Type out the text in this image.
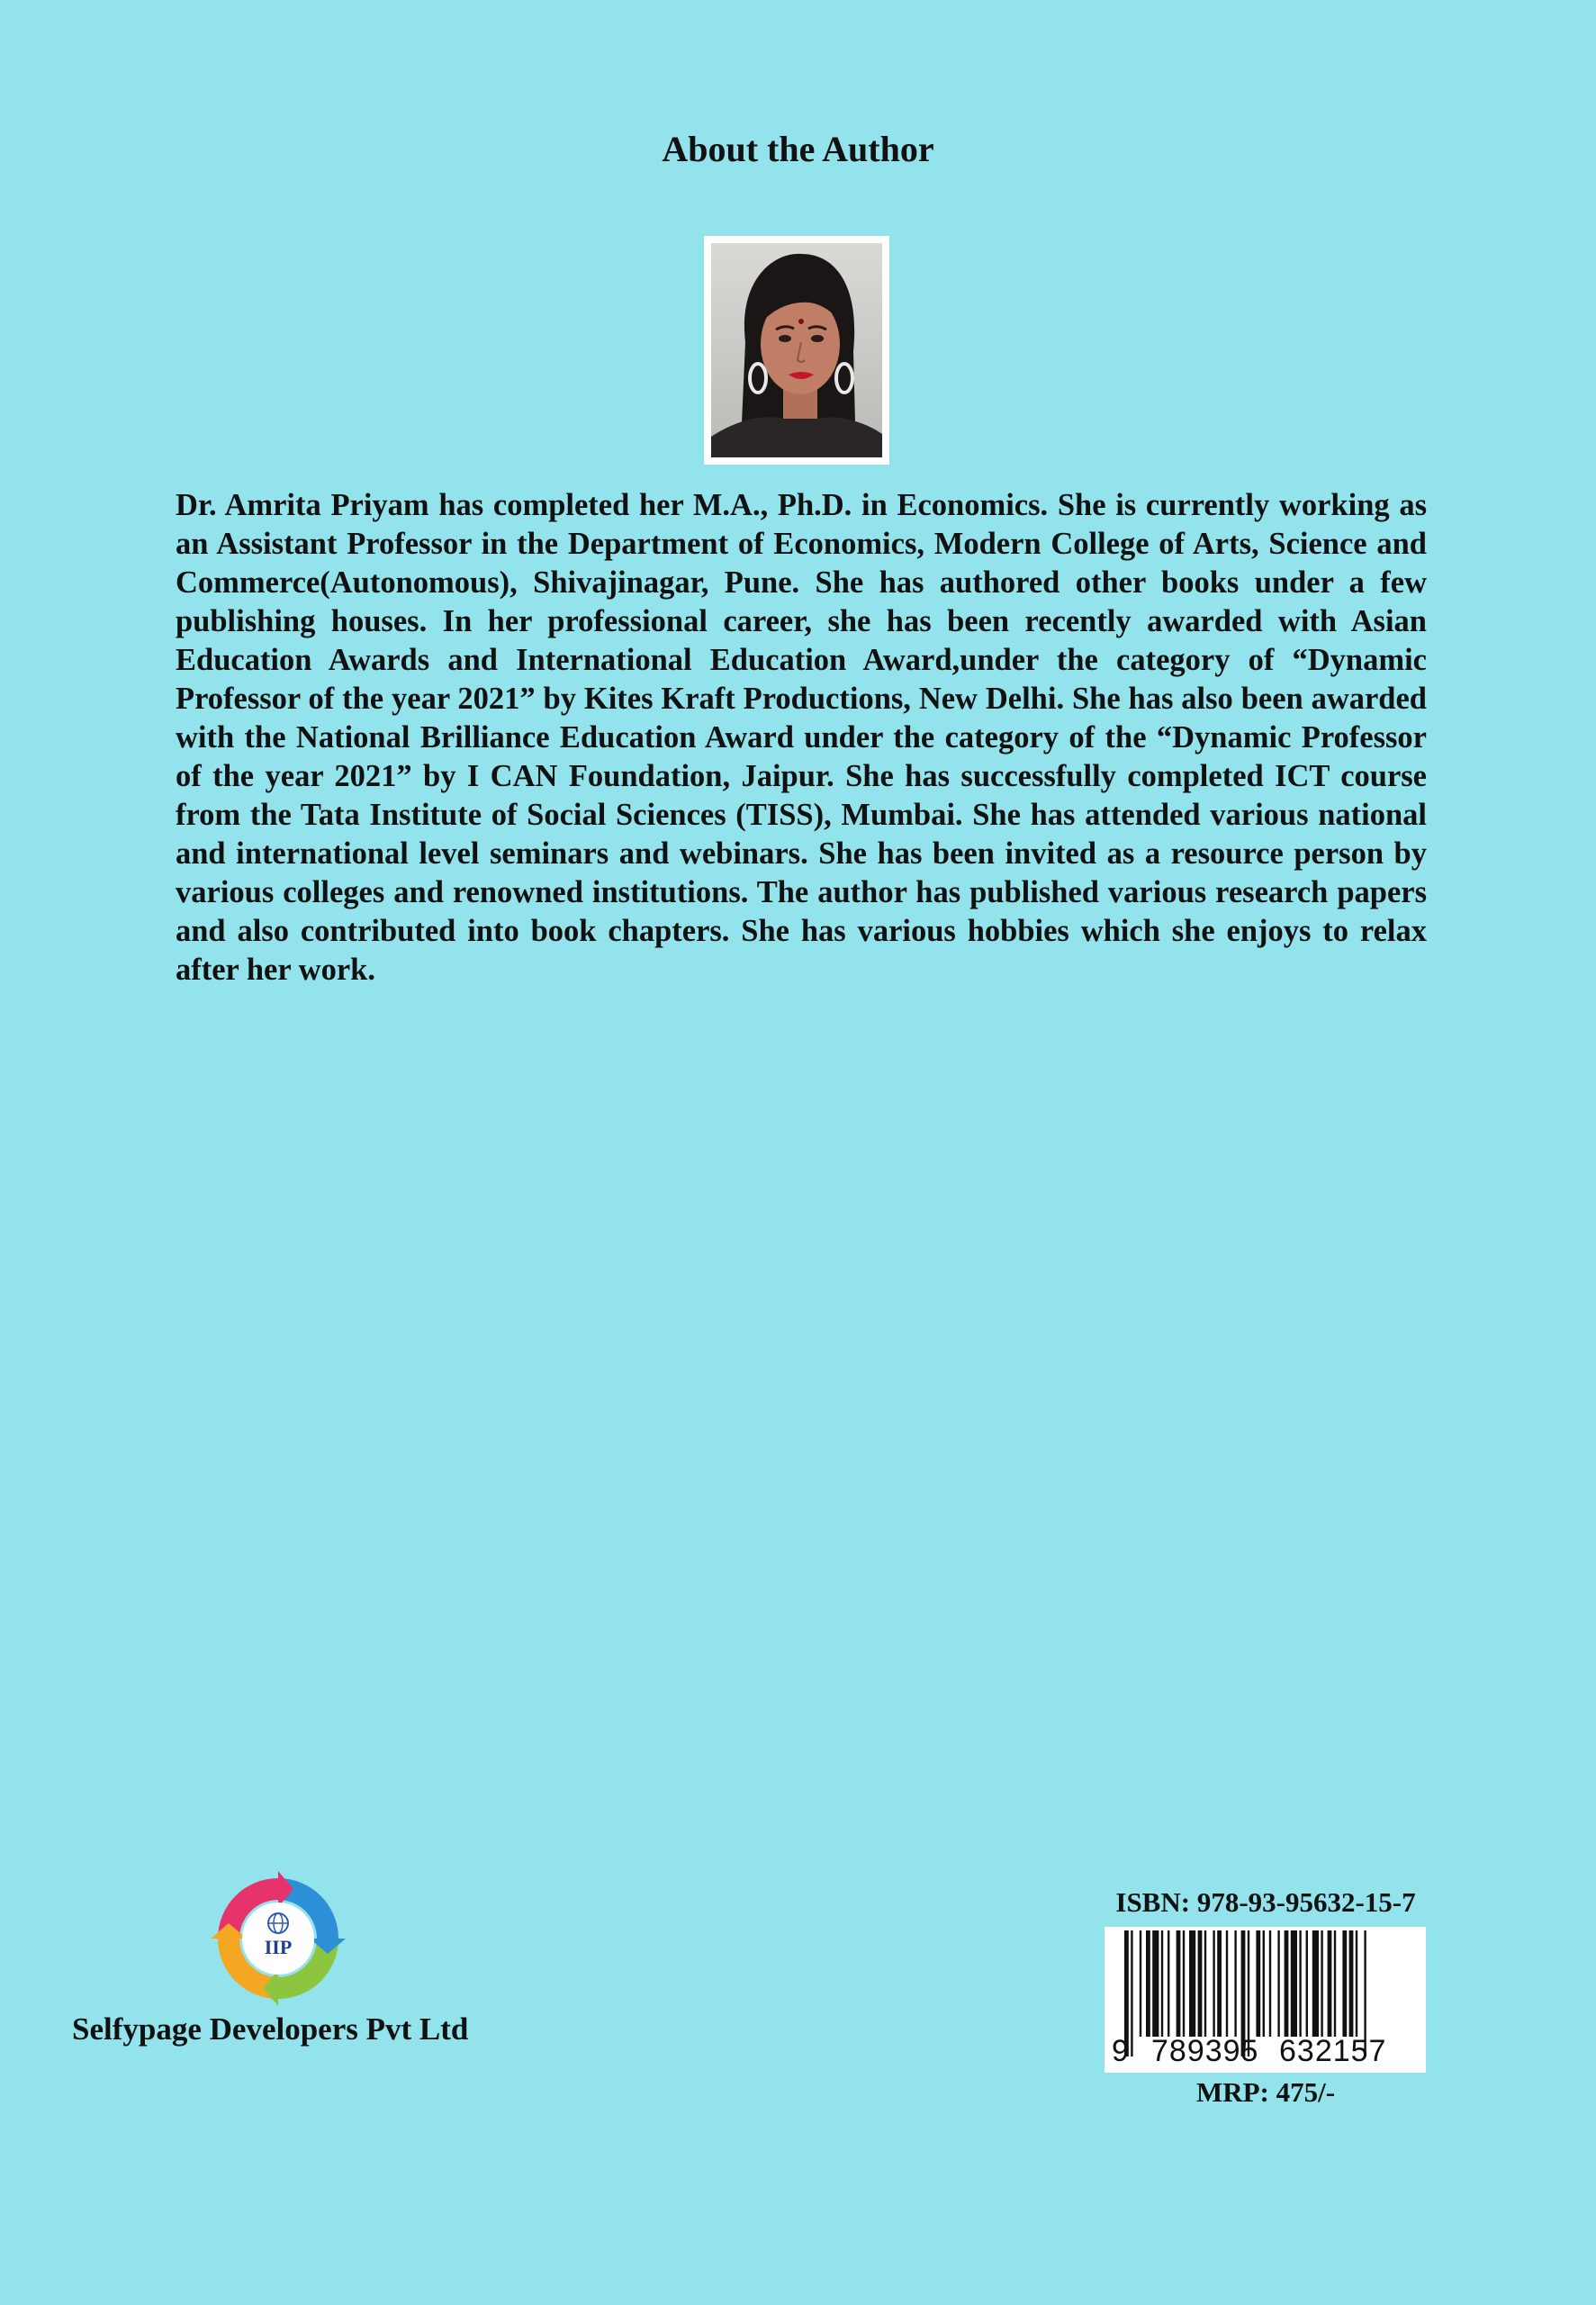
About the Author

Dr. Amrita Priyam has completed her M.A., Ph.D. in Economics. She is currently working as an Assistant Professor in the Department of Economics, Modern College of Arts, Science and Commerce(Autonomous), Shivajinagar, Pune. She has authored other books under a few publishing houses. In her professional career, she has been recently awarded with Asian Education Awards and International Education Award,under the category of “Dynamic Professor of the year 2021” by Kites Kraft Productions, New Delhi. She has also been awarded with the National Brilliance Education Award under the category of the “Dynamic Professor of the year 2021” by I CAN Foundation, Jaipur. She has successfully completed ICT course from the Tata Institute of Social Sciences (TISS), Mumbai. She has attended various national and international level seminars and webinars. She has been invited as a resource person by various colleges and renowned institutions. The author has published various research papers and also contributed into book chapters. She has various hobbies which she enjoys to relax after her work.

IIP
Selfypage Developers Pvt Ltd
ISBN: 978-93-95632-15-7
9 789395 632157
MRP: 475/-
